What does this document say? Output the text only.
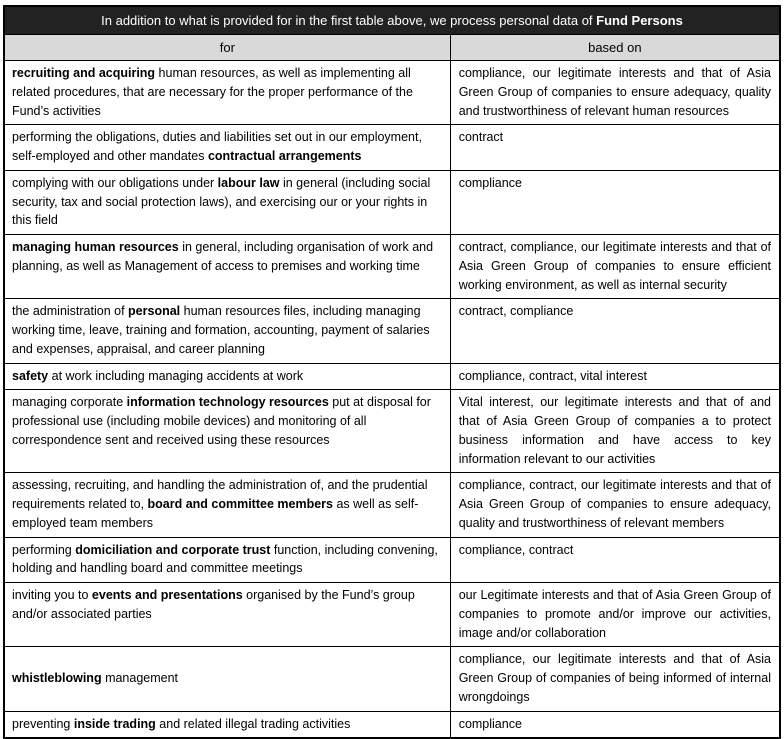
In addition to what is provided for in the first table above, we process personal data of Fund Persons	
for	based on
recruiting and acquiring human resources, as well as implementing all related procedures, that are necessary for the proper performance of the Fund’s activities	compliance, our legitimate interests and that of Asia Green Group of companies to ensure adequacy, quality and trustworthiness of relevant human resources
performing the obligations, duties and liabilities set out in our employment, self-employed and other mandates contractual arrangements	contract
complying with our obligations under labour law in general (including social security, tax and social protection laws), and exercising our or your rights in this field	compliance
managing human resources in general, including organisation of work and planning, as well as Management of access to premises and working time	contract, compliance, our legitimate interests and that of Asia Green Group of companies to ensure efficient working environment, as well as internal security
the administration of personal human resources files, including managing working time, leave, training and formation, accounting, payment of salaries and expenses, appraisal, and career planning	contract, compliance
safety at work including managing accidents at work	compliance, contract, vital interest
managing corporate information technology resources put at disposal for professional use (including mobile devices) and monitoring of all correspondence sent and received using these resources	Vital interest, our legitimate interests and that of and that of Asia Green Group of companies a to protect business information and have access to key information relevant to our activities
assessing, recruiting, and handling the administration of, and the prudential requirements related to, board and committee members as well as self-employed team members	compliance, contract, our legitimate interests and that of Asia Green Group of companies to ensure adequacy, quality and trustworthiness of relevant members
performing domiciliation and corporate trust function, including convening, holding and handling board and committee meetings	compliance, contract
inviting you to events and presentations organised by the Fund’s group and/or associated parties	our Legitimate interests and that of Asia Green Group of companies to promote and/or improve our activities, image and/or collaboration
whistleblowing management	compliance, our legitimate interests and that of Asia Green Group of companies of being informed of internal wrongdoings
preventing inside trading and related illegal trading activities	compliance
